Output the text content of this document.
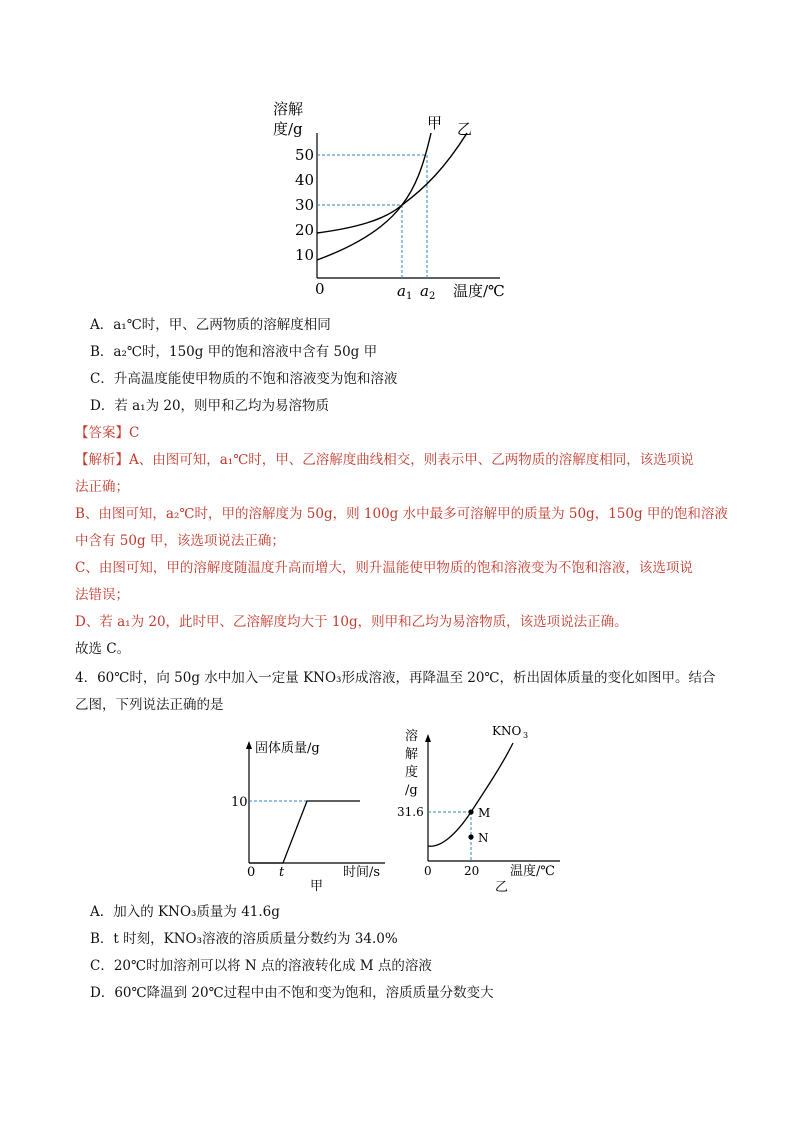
溶解
度/g
50
40
30
20
10
0	a 1 a 2 温度/℃
甲 乙
A．a₁℃时，甲、乙两物质的溶解度相同
B．a₂℃时，150g 甲的饱和溶液中含有 50g 甲
C．升高温度能使甲物质的不饱和溶液变为饱和溶液
D．若 a₁为 20，则甲和乙均为易溶物质
【答案】C
【解析】A、由图可知，a₁℃时，甲、乙溶解度曲线相交，则表示甲、乙两物质的溶解度相同，该选项说
法正确；
B、由图可知，a₂℃时，甲的溶解度为 50g，则 100g 水中最多可溶解甲的质量为 50g，150g 甲的饱和溶液
中含有 50g 甲，该选项说法正确；
C、由图可知，甲的溶解度随温度升高而增大，则升温能使甲物质的饱和溶液变为不饱和溶液，该选项说
法错误；
D、若 a₁为 20，此时甲、乙溶解度均大于 10g，则甲和乙均为易溶物质，该选项说法正确。
故选 C。
4．60℃时，向 50g 水中加入一定量 KNO₃形成溶液，再降温至 20℃，析出固体质量的变化如图甲。结合
乙图，下列说法正确的是
固体质量/g
10
0 t	时间/s
甲
溶
解
度
/g
KNO 3
31.6
0	20 温度/℃
乙
M
N
A．加入的 KNO₃质量为 41.6g
B．t 时刻，KNO₃溶液的溶质质量分数约为 34.0%
C．20℃时加溶剂可以将 N 点的溶液转化成 M 点的溶液
D．60℃降温到 20℃过程中由不饱和变为饱和，溶质质量分数变大
